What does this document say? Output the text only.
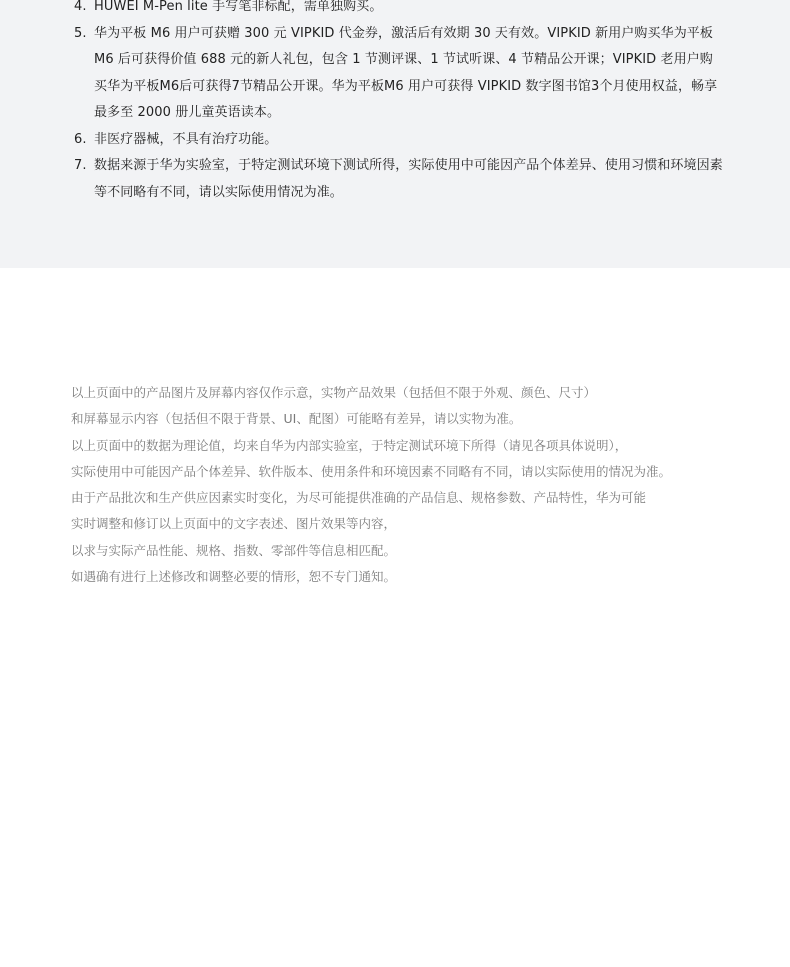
4. HUWEI M-Pen lite 手写笔非标配，需单独购买。
5. 华为平板 M6 用户可获赠 300 元 VIPKID 代金券，激活后有效期 30 天有效。VIPKID 新用户购买华为平板 M6 后可获得价值 688 元的新人礼包，包含 1 节测评课、1 节试听课、4 节精品公开课；VIPKID 老用户购买华为平板M6后可获得7节精品公开课。华为平板M6 用户可获得 VIPKID 数字图书馆3个月使用权益，畅享最多至 2000 册儿童英语读本。
6. 非医疗器械，不具有治疗功能。
7. 数据来源于华为实验室，于特定测试环境下测试所得，实际使用中可能因产品个体差异、使用习惯和环境因素等不同略有不同，请以实际使用情况为准。
以上页面中的产品图片及屏幕内容仅作示意，实物产品效果（包括但不限于外观、颜色、尺寸）
和屏幕显示内容（包括但不限于背景、UI、配图）可能略有差异，请以实物为准。
以上页面中的数据为理论值，均来自华为内部实验室，于特定测试环境下所得（请见各项具体说明），
实际使用中可能因产品个体差异、软件版本、使用条件和环境因素不同略有不同，请以实际使用的情况为准。
由于产品批次和生产供应因素实时变化，为尽可能提供准确的产品信息、规格参数、产品特性，华为可能
实时调整和修订以上页面中的文字表述、图片效果等内容，
以求与实际产品性能、规格、指数、零部件等信息相匹配。
如遇确有进行上述修改和调整必要的情形，恕不专门通知。
